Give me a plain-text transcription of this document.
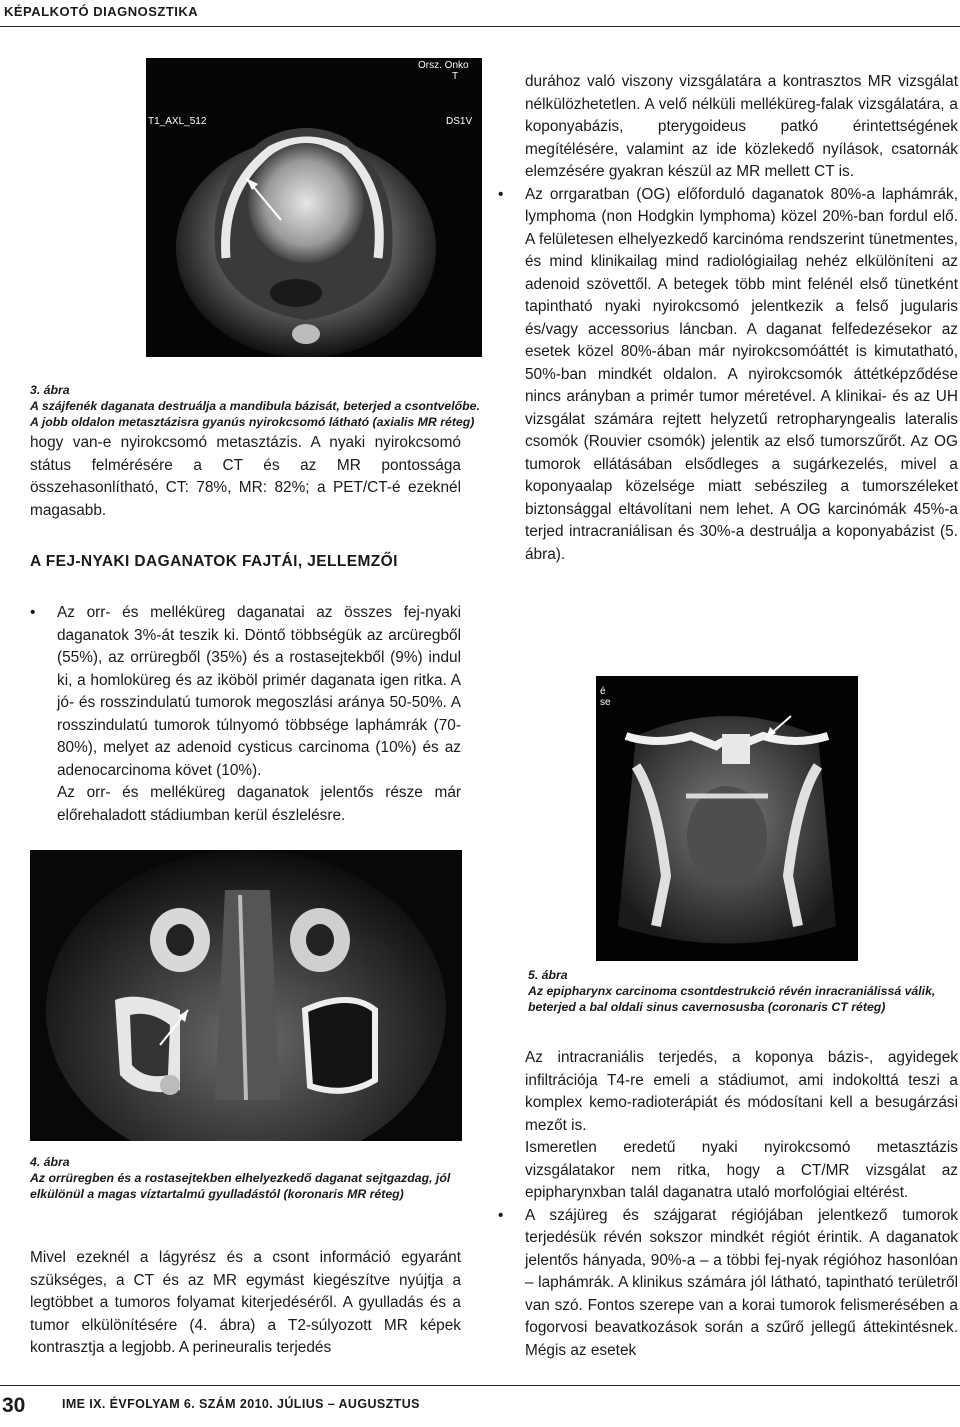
KÉPALKOTÓ DIAGNOSZTIKA
Orsz. Onko
T
T1_AXL_512	DS1V
3. ábra
A szájfenék daganata destruálja a mandibula bázisát, beterjed a csontvelőbe. A jobb oldalon metasztázisra gyanús nyirokcsomó látható (axialis MR réteg)

hogy van-e nyirokcsomó metasztázis. A nyaki nyirokcsomó státus felmérésére a CT és az MR pontossága összehasonlítható, CT: 78%, MR: 82%; a PET/CT-é ezeknél magasabb.

A FEJ-NYAKI DAGANATOK FAJTÁI, JELLEMZŐI
• Az orr- és melléküreg daganatai az összes fej-nyaki daganatok 3%-át teszik ki. Döntő többségük az arcüregből (55%), az orrüregből (35%) és a rostasejtekből (9%) indul ki, a homloküreg és az iköböl primér daganata igen ritka. A jó- és rosszindulatú tumorok megoszlási aránya 50-50%. A rosszindulatú tumorok túlnyomó többsége laphámrák (70-80%), melyet az adenoid cysticus carcinoma (10%) és az adenocarcinoma követ (10%).

Az orr- és melléküreg daganatok jelentős része már előrehaladott stádiumban kerül észlelésre.

4. ábra
Az orrüregben és a rostasejtekben elhelyezkedő daganat sejtgazdag, jól elkülönül a magas víztartalmú gyulladástól (koronaris MR réteg)

Mivel ezeknél a lágyrész és a csont információ egyaránt szükséges, a CT és az MR egymást kiegészítve nyújtja a legtöbbet a tumoros folyamat kiterjedéséről. A gyulladás és a tumor elkülönítésére (4. ábra) a T2-súlyozott MR képek kontrasztja a legjobb. A perineuralis terjedés

durához való viszony vizsgálatára a kontrasztos MR vizsgálat nélkülözhetetlen. A velő nélküli melléküreg-falak vizsgálatára, a koponyabázis, pterygoideus patkó érintettségének megítélésére, valamint az ide közlekedő nyílások, csatornák elemzésére gyakran készül az MR mellett CT is.

• Az orrgaratban (OG) előforduló daganatok 80%-a laphámrák, lymphoma (non Hodgkin lymphoma) közel 20%-ban fordul elő. A felületesen elhelyezkedő karcinóma rendszerint tünetmentes, és mind klinikailag mind radiológiailag nehéz elkülöníteni az adenoid szövettől. A betegek több mint felénél első tünetként tapintható nyaki nyirokcsomó jelentkezik a felső jugularis és/vagy accessorius láncban. A daganat felfedezésekor az esetek közel 80%-ában már nyirokcsomóáttét is kimutatható, 50%-ban mindkét oldalon. A nyirokcsomók áttétképződése nincs arányban a primér tumor méretével. A klinikai- és az UH vizsgálat számára rejtett helyzetű retropharyngealis lateralis csomók (Rouvier csomók) jelentik az első tumorszűrőt. Az OG tumorok ellátásában elsődleges a sugárkezelés, mivel a koponyaalap közelsége miatt sebészileg a tumorszéleket biztonsággal eltávolítani nem lehet. A OG karcinómák 45%-a terjed intracraniálisan és 30%-a destruálja a koponyabázist (5. ábra).
é
se
5. ábra
Az epipharynx carcinoma csontdestrukció révén inracraniálissá válik, beterjed a bal oldali sinus cavernosusba (coronaris CT réteg)

Az intracraniális terjedés, a koponya bázis-, agyidegek infiltrációja T4-re emeli a stádiumot, ami indokolttá teszi a komplex kemo-radioterápiát és módosítani kell a besugárzási mezőt is.

Ismeretlen eredetű nyaki nyirokcsomó metasztázis vizsgálatakor nem ritka, hogy a CT/MR vizsgálat az epipharynxban talál daganatra utaló morfológiai eltérést.

• A szájüreg és szájgarat régiójában jelentkező tumorok terjedésük révén sokszor mindkét régiót érintik. A daganatok jelentős hányada, 90%-a – a többi fej-nyak régióhoz hasonlóan – laphámrák. A klinikus számára jól látható, tapintható területről van szó. Fontos szerepe van a korai tumorok felismerésében a fogorvosi beavatkozások során a szűrő jellegű áttekintésnek. Mégis az esetek
30	IME IX. ÉVFOLYAM 6. SZÁM 2010. JÚLIUS – AUGUSZTUS
